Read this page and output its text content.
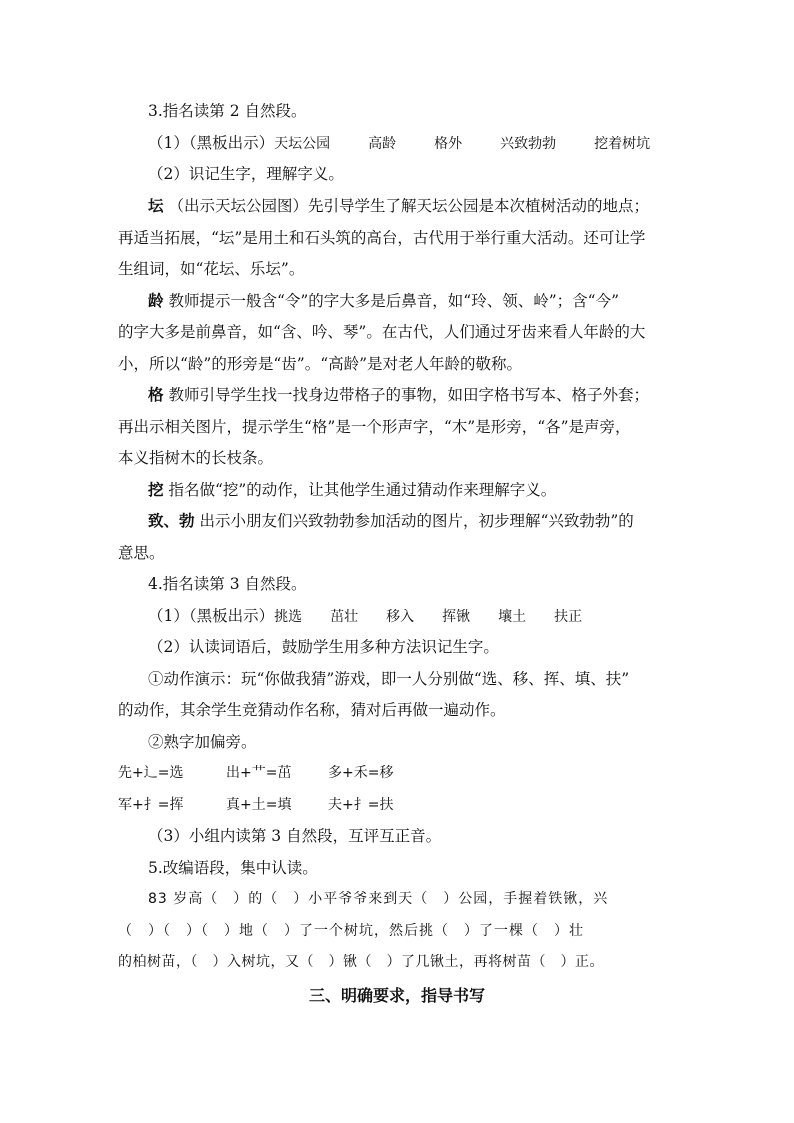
3.指名读第 2 自然段。
（1）（黑板出示）天坛公园	高龄	格外	兴致勃勃	挖着树坑
（2）识记生字，理解字义。
坛 （出示天坛公园图）先引导学生了解天坛公园是本次植树活动的地点；
再适当拓展，“坛”是用土和石头筑的高台，古代用于举行重大活动。还可让学
生组词，如“花坛、乐坛”。
龄 教师提示一般含“令”的字大多是后鼻音，如“玲、领、岭”；含“今”
的字大多是前鼻音，如“含、吟、琴”。在古代，人们通过牙齿来看人年龄的大
小，所以“龄”的形旁是“齿”。“高龄”是对老人年龄的敬称。
格 教师引导学生找一找身边带格子的事物，如田字格书写本、格子外套；
再出示相关图片，提示学生“格”是一个形声字，“木”是形旁，“各”是声旁，
本义指树木的长枝条。
挖 指名做“挖”的动作，让其他学生通过猜动作来理解字义。
致、勃 出示小朋友们兴致勃勃参加活动的图片，初步理解“兴致勃勃”的
意思。
4.指名读第 3 自然段。
（1）（黑板出示）挑选 茁壮 移入 挥锹 壤土 扶正
（2）认读词语后，鼓励学生用多种方法识记生字。
①动作演示：玩“你做我猜”游戏，即一人分别做“选、移、挥、填、扶”
的动作，其余学生竞猜动作名称，猜对后再做一遍动作。
②熟字加偏旁。
先+辶=选	出+艹=茁	多+禾=移
军+扌=挥	真+土=填	夫+扌=扶
（3）小组内读第 3 自然段，互评互正音。
5.改编语段，集中认读。
83 岁高（　）的（　）小平爷爷来到天（　）公园，手握着铁锹，兴
（　）（　）（　）地（　）了一个树坑，然后挑（　）了一棵（　）壮
的柏树苗，（　）入树坑，又（　）锹（　）了几锹土，再将树苗（　）正。
三、明确要求，指导书写
